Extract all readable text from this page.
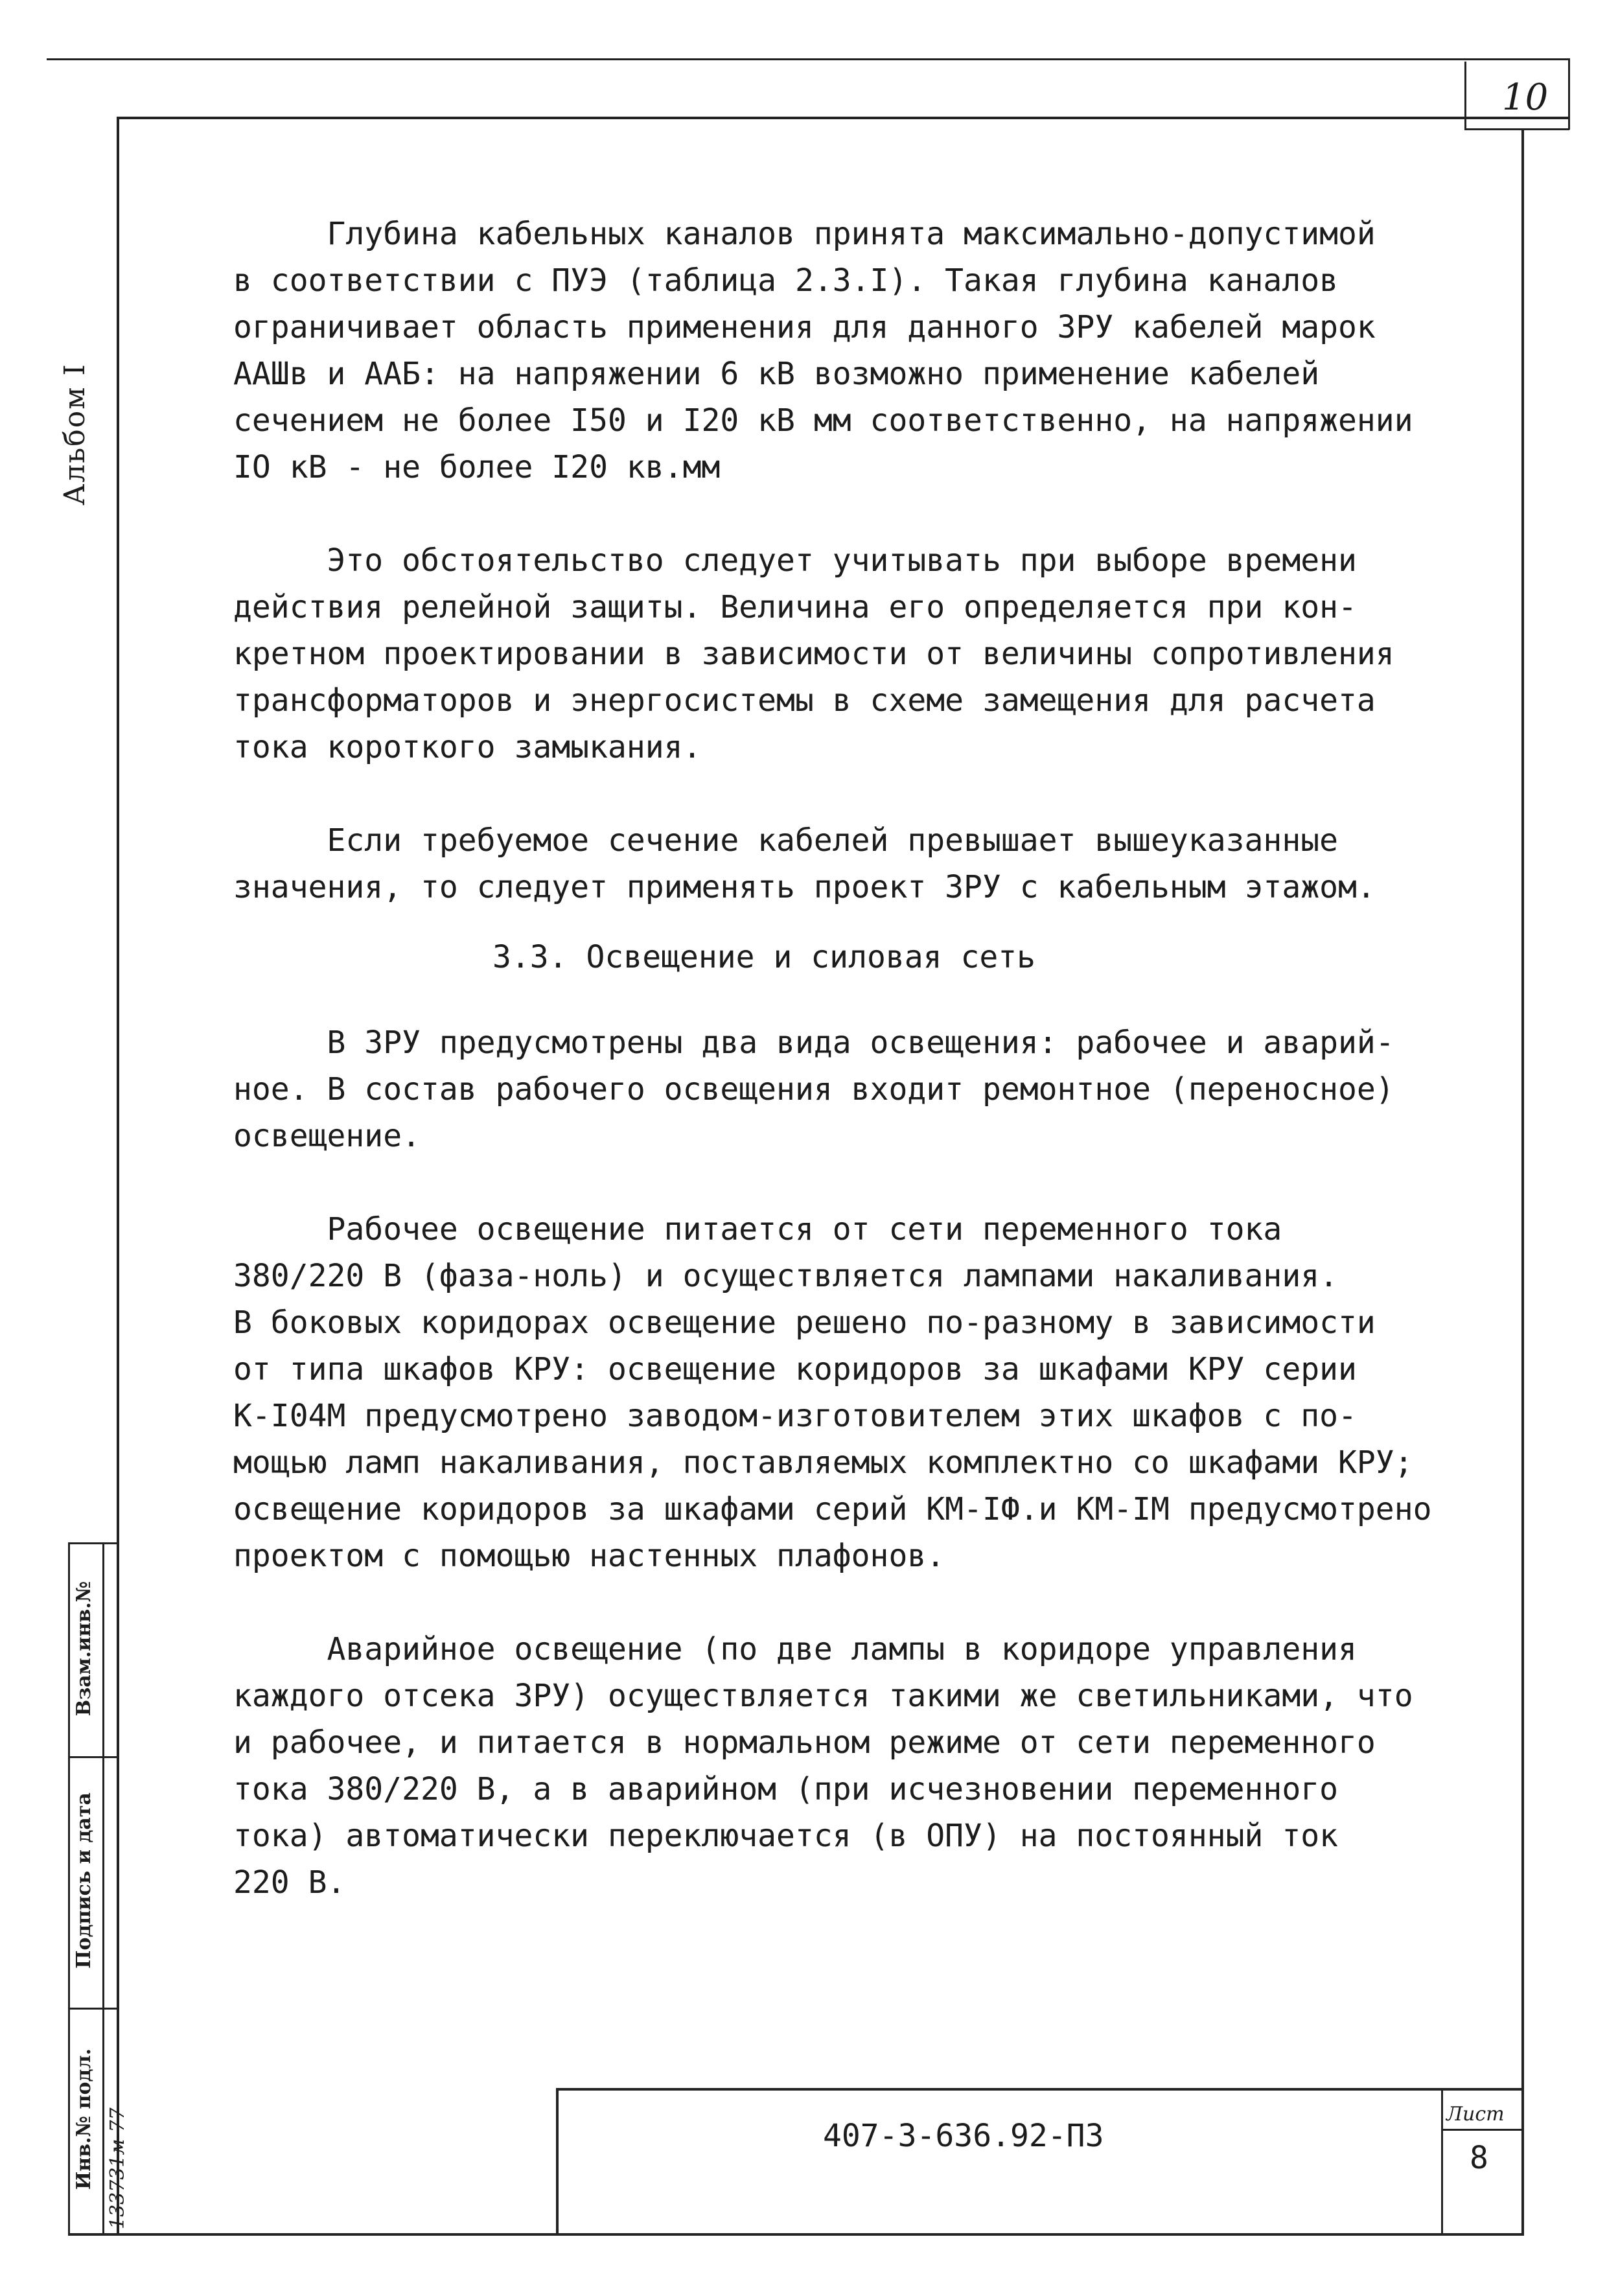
10
Альбом I
Инв.№ подл.
Подпись и дата
Взам.инв.№
133731м-77

Глубина кабельных каналов принята максимально-допустимой
в соответствии с ПУЭ (таблица 2.3.I). Такая глубина каналов
ограничивает область применения для данного ЗРУ кабелей марок
ААШв и ААБ: на напряжении 6 кВ возможно применение кабелей
сечением не более I50 и I20 кВ мм соответственно, на напряжении
IO кВ - не более I20 кв.мм

Это обстоятельство следует учитывать при выборе времени
действия релейной защиты. Величина его определяется при кон-
кретном проектировании в зависимости от величины сопротивления
трансформаторов и энергосистемы в схеме замещения для расчета
тока короткого замыкания.

Если требуемое сечение кабелей превышает вышеуказанные
значения, то следует применять проект ЗРУ с кабельным этажом.

3.3. Освещение и силовая сеть

В ЗРУ предусмотрены два вида освещения: рабочее и аварий-
ное. В состав рабочего освещения входит ремонтное (переносное)
освещение.

Рабочее освещение питается от сети переменного тока
380/220 В (фаза-ноль) и осуществляется лампами накаливания.
В боковых коридорах освещение решено по-разному в зависимости
от типа шкафов КРУ: освещение коридоров за шкафами КРУ серии
К-I04М предусмотрено заводом-изготовителем этих шкафов с по-
мощью ламп накаливания, поставляемых комплектно со шкафами КРУ;
освещение коридоров за шкафами серий КМ-IФ.и КМ-IМ предусмотрено
проектом с помощью настенных плафонов.

Аварийное освещение (по две лампы в коридоре управления
каждого отсека ЗРУ) осуществляется такими же светильниками, что
и рабочее, и питается в нормальном режиме от сети переменного
тока 380/220 В, а в аварийном (при исчезновении переменного
тока) автоматически переключается (в ОПУ) на постоянный ток
220 В.

407-3-636.92-ПЗ
Лист
8
